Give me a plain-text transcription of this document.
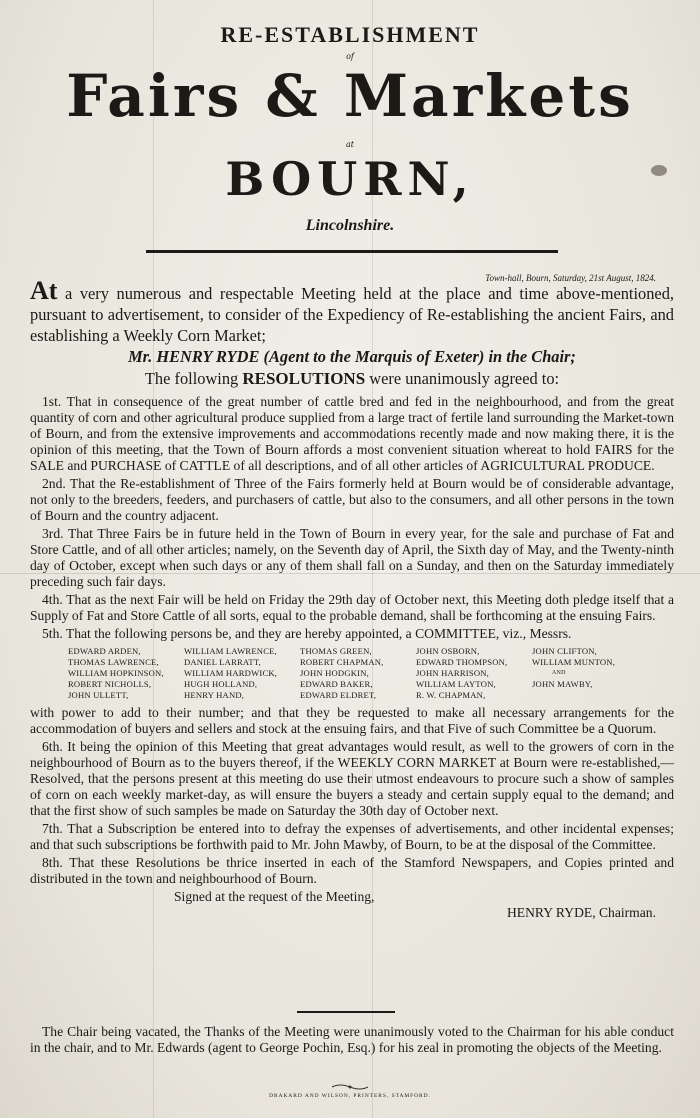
RE-ESTABLISHMENT
of
Fairs & Markets
at
BOURN,
Lincolnshire.
Town-hall, Bourn, Saturday, 21st August, 1824.

At a very numerous and respectable Meeting held at the place and time above-mentioned, pursuant to advertisement, to consider of the Expediency of Re-establishing the ancient Fairs, and establishing a Weekly Corn Market;

Mr. HENRY RYDE (Agent to the Marquis of Exeter) in the Chair;

The following RESOLUTIONS were unanimously agreed to:

1st. That in consequence of the great number of cattle bred and fed in the neighbourhood, and from the great quantity of corn and other agricultural produce supplied from a large tract of fertile land surrounding the Market-town of Bourn, and from the extensive improvements and accommodations recently made and now making there, it is the opinion of this meeting, that the Town of Bourn affords a most convenient situation whereat to hold FAIRS for the SALE and PURCHASE of CATTLE of all descriptions, and of all other articles of AGRICULTURAL PRODUCE.

2nd. That the Re-establishment of Three of the Fairs formerly held at Bourn would be of considerable advantage, not only to the breeders, feeders, and purchasers of cattle, but also to the consumers, and all other persons in the town of Bourn and the country adjacent.

3rd. That Three Fairs be in future held in the Town of Bourn in every year, for the sale and purchase of Fat and Store Cattle, and of all other articles; namely, on the Seventh day of April, the Sixth day of May, and the Twenty-ninth day of October, except when such days or any of them shall fall on a Sunday, and then on the Saturday immediately preceding such fair days.

4th. That as the next Fair will be held on Friday the 29th day of October next, this Meeting doth pledge itself that a Supply of Fat and Store Cattle of all sorts, equal to the probable demand, shall be forthcoming at the ensuing Fairs.

5th. That the following persons be, and they are hereby appointed, a COMMITTEE, viz., Messrs.

EDWARD ARDEN,
THOMAS LAWRENCE,
WILLIAM HOPKINSON,
ROBERT NICHOLLS,
JOHN ULLETT,
WILLIAM LAWRENCE,
DANIEL LARRATT,
WILLIAM HARDWICK,
HUGH HOLLAND,
HENRY HAND,
THOMAS GREEN,
ROBERT CHAPMAN,
JOHN HODGKIN,
EDWARD BAKER,
EDWARD ELDRET,
JOHN OSBORN,
EDWARD THOMPSON,
JOHN HARRISON,
WILLIAM LAYTON,
R. W. CHAPMAN,
JOHN CLIFTON,
WILLIAM MUNTON,
AND
JOHN MAWBY,

with power to add to their number; and that they be requested to make all necessary arrangements for the accommodation of buyers and sellers and stock at the ensuing fairs, and that Five of such Committee be a Quorum.

6th. It being the opinion of this Meeting that great advantages would result, as well to the growers of corn in the neighbourhood of Bourn as to the buyers thereof, if the WEEKLY CORN MARKET at Bourn were re-established,—Resolved, that the persons present at this meeting do use their utmost endeavours to procure such a show of samples of corn on each weekly market-day, as will ensure the buyers a steady and certain supply equal to the demand; and that the first show of such samples be made on Saturday the 30th day of October next.

7th. That a Subscription be entered into to defray the expenses of advertisements, and other incidental expenses; and that such subscriptions be forthwith paid to Mr. John Mawby, of Bourn, to be at the disposal of the Committee.

8th. That these Resolutions be thrice inserted in each of the Stamford Newspapers, and Copies printed and distributed in the town and neighbourhood of Bourn.

Signed at the request of the Meeting,

HENRY RYDE, Chairman.

The Chair being vacated, the Thanks of the Meeting were unanimously voted to the Chairman for his able conduct in the chair, and to Mr. Edwards (agent to George Pochin, Esq.) for his zeal in promoting the objects of the Meeting.

DRAKARD AND WILSON, PRINTERS, STAMFORD.
